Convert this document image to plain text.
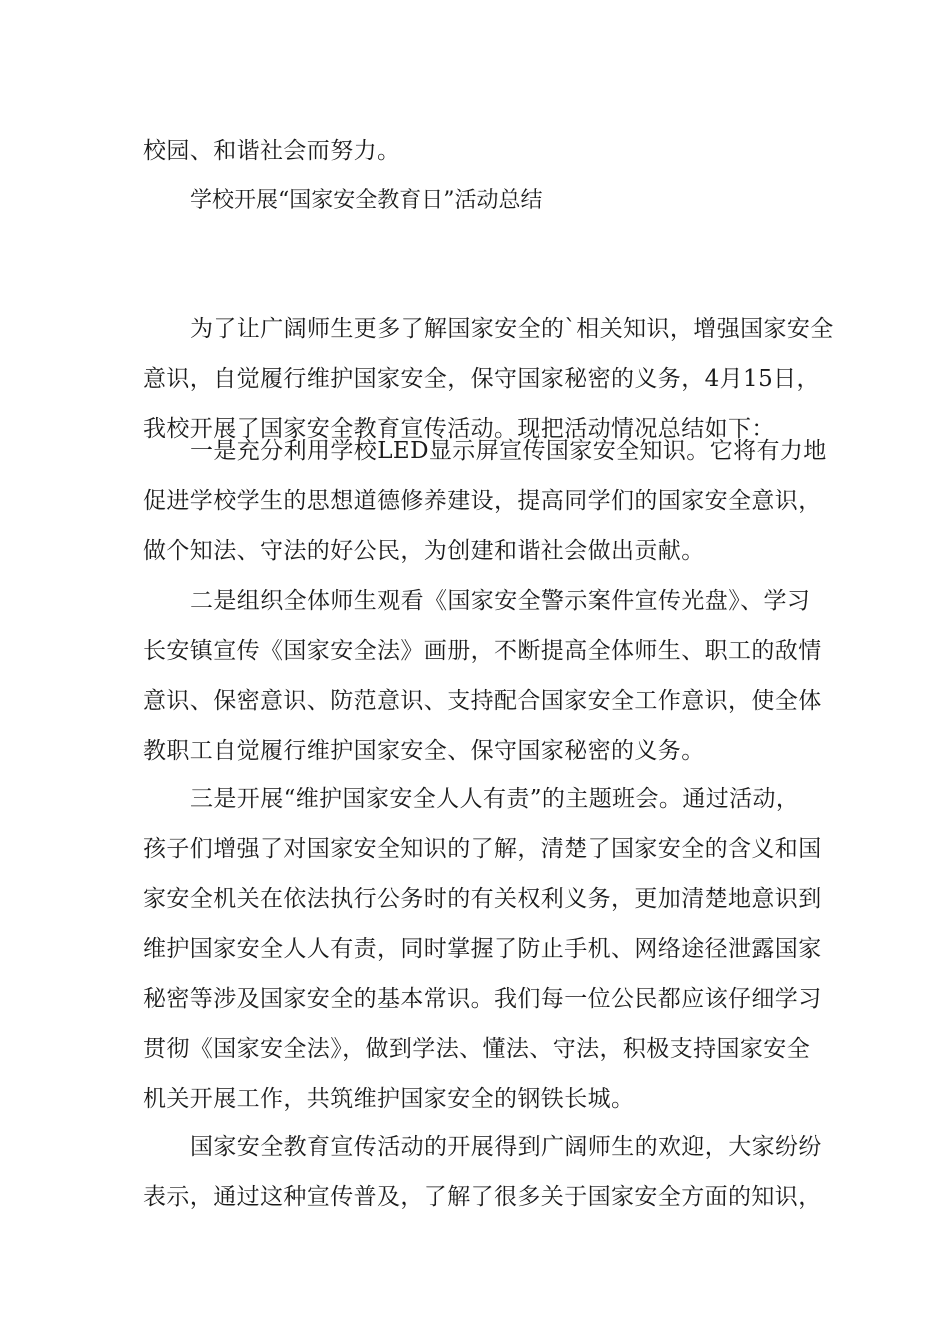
校园、和谐社会而努力。

学校开展“国家安全教育日”活动总结

为了让广阔师生更多了解国家安全的`相关知识，增强国家安全
意识，自觉履行维护国家安全，保守国家秘密的义务，4月15日，
我校开展了国家安全教育宣传活动。现把活动情况总结如下：

一是充分利用学校LED显示屏宣传国家安全知识。它将有力地
促进学校学生的思想道德修养建设，提高同学们的国家安全意识，
做个知法、守法的好公民，为创建和谐社会做出贡献。

二是组织全体师生观看《国家安全警示案件宣传光盘》、学习
长安镇宣传《国家安全法》画册，不断提高全体师生、职工的敌情
意识、保密意识、防范意识、支持配合国家安全工作意识，使全体
教职工自觉履行维护国家安全、保守国家秘密的义务。

三是开展“维护国家安全人人有责”的主题班会。通过活动，
孩子们增强了对国家安全知识的了解，清楚了国家安全的含义和国
家安全机关在依法执行公务时的有关权利义务，更加清楚地意识到
维护国家安全人人有责，同时掌握了防止手机、网络途径泄露国家
秘密等涉及国家安全的基本常识。我们每一位公民都应该仔细学习
贯彻《国家安全法》，做到学法、懂法、守法，积极支持国家安全
机关开展工作，共筑维护国家安全的钢铁长城。

国家安全教育宣传活动的开展得到广阔师生的欢迎，大家纷纷
表示，通过这种宣传普及，了解了很多关于国家安全方面的知识，
